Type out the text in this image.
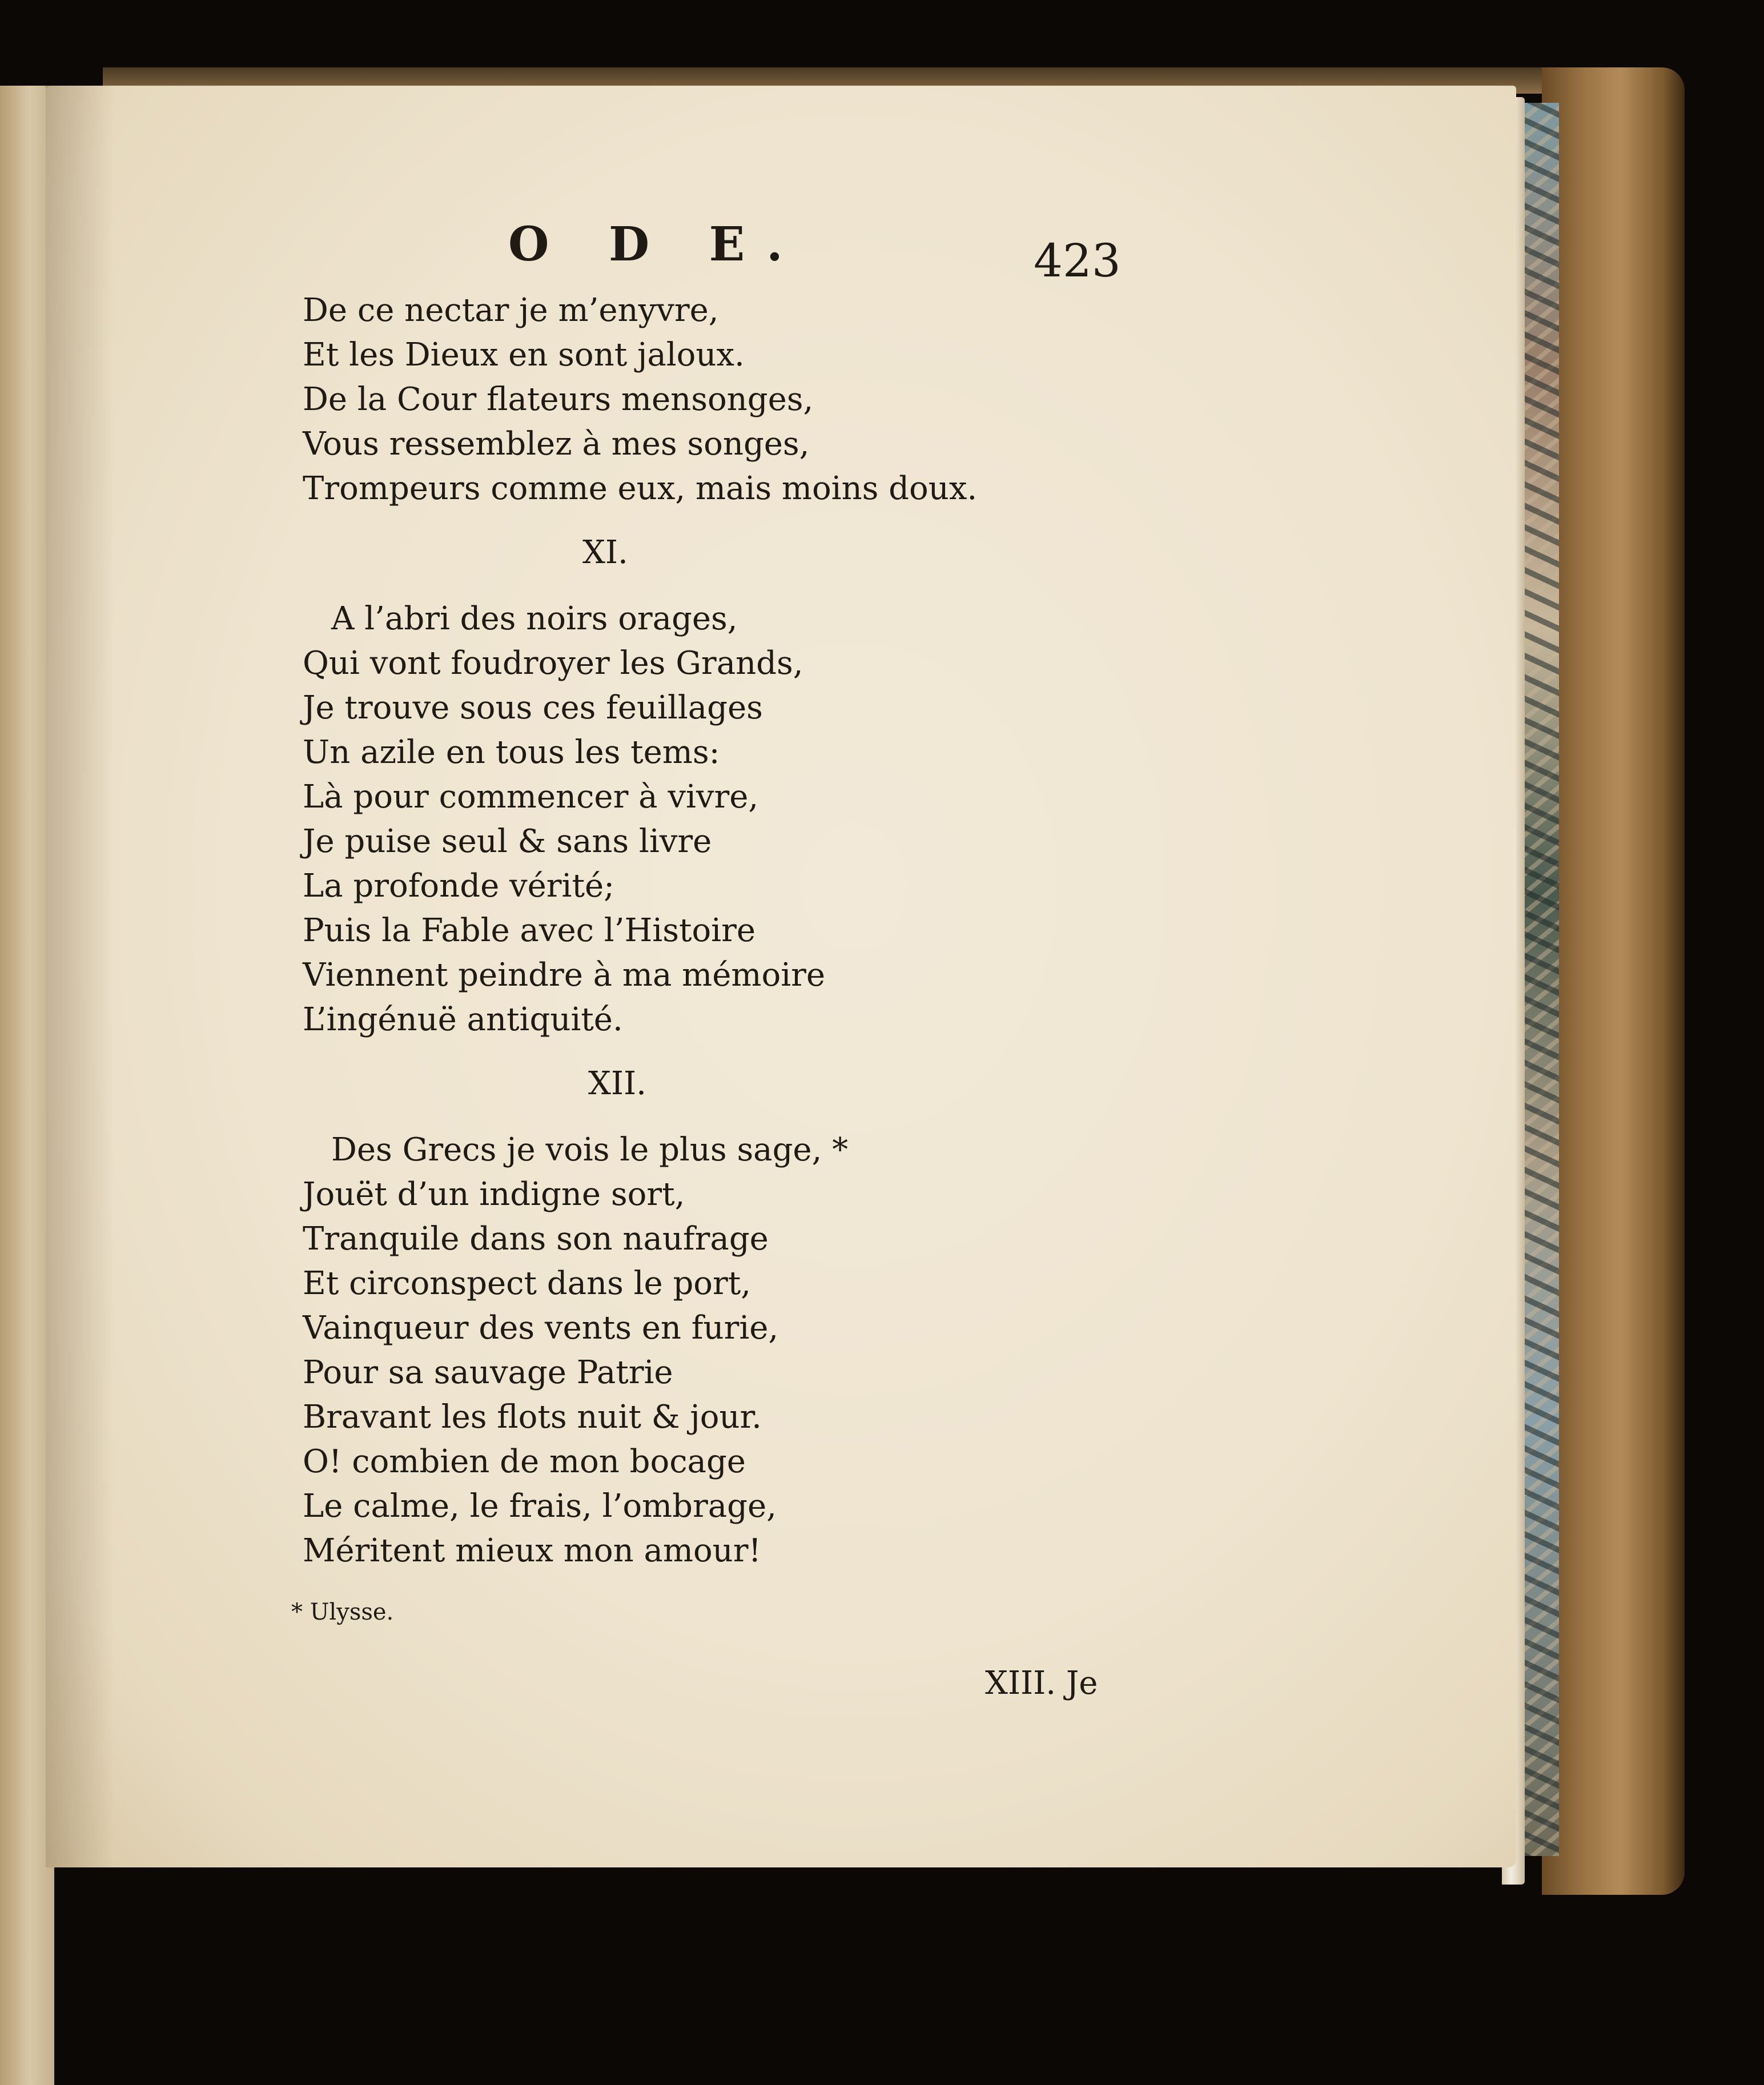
O D E.	423
De ce nectar je m’enyvre,
Et les Dieux en sont jaloux.
De la Cour flateurs mensonges,
Vous ressemblez à mes songes,
Trompeurs comme eux, mais moins doux.
XI.
A l’abri des noirs orages,
Qui vont foudroyer les Grands,
Je trouve sous ces feuillages
Un azile en tous les tems:
Là pour commencer à vivre,
Je puise seul & sans livre
La profonde vérité;
Puis la Fable avec l’Histoire
Viennent peindre à ma mémoire
L’ingénuë antiquité.
XII.
Des Grecs je vois le plus sage, *
Jouët d’un indigne sort,
Tranquile dans son naufrage
Et circonspect dans le port,
Vainqueur des vents en furie,
Pour sa sauvage Patrie
Bravant les flots nuit & jour.
O! combien de mon bocage
Le calme, le frais, l’ombrage,
Méritent mieux mon amour!
* Ulysse.
XIII. Je
